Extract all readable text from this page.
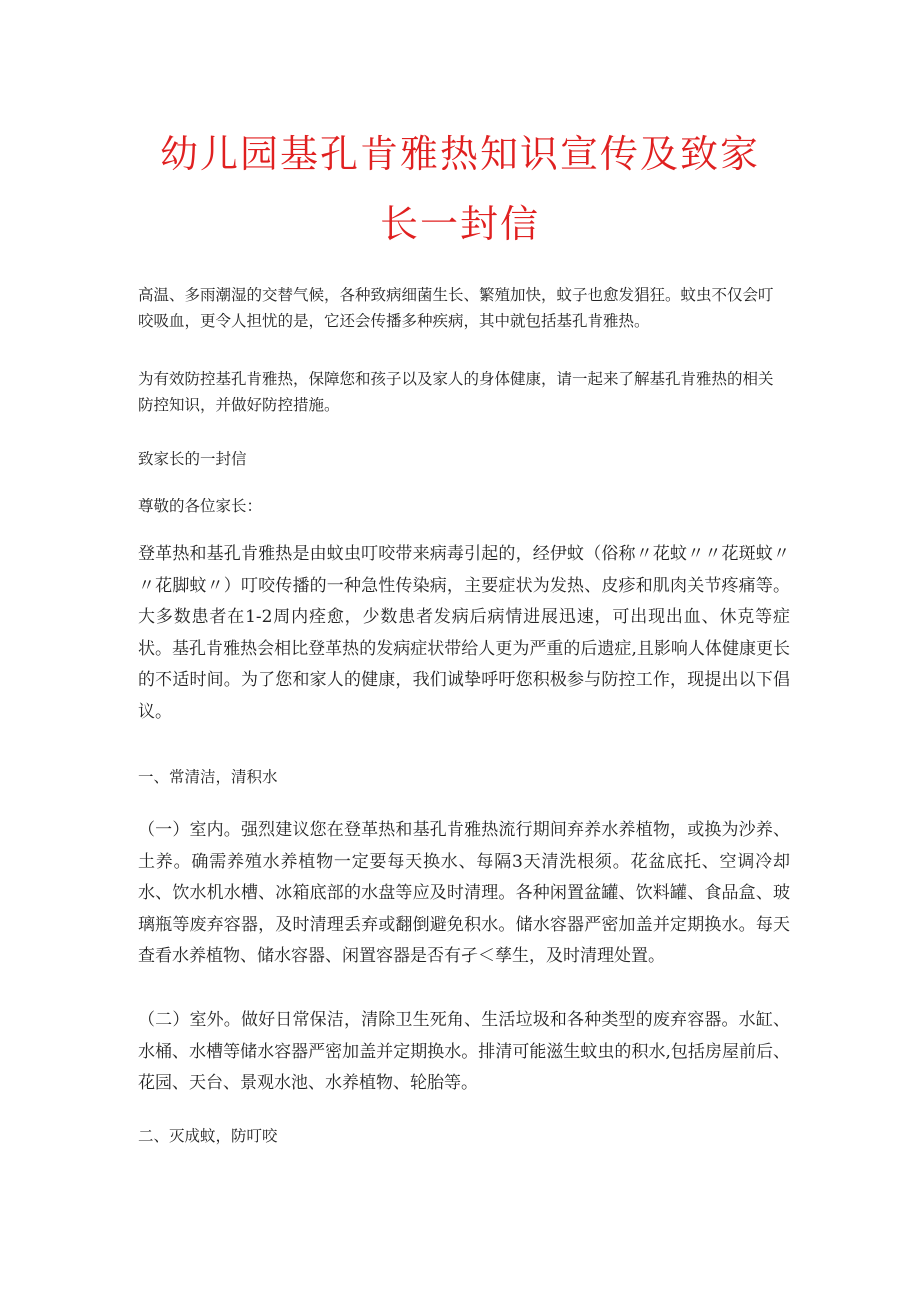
幼儿园基孔肯雅热知识宣传及致家
长一封信

高温、多雨潮湿的交替气候，各种致病细菌生长、繁殖加快，蚊子也愈发猖狂。蚊虫不仅会叮咬吸血，更令人担忧的是，它还会传播多种疾病，其中就包括基孔肯雅热。

为有效防控基孔肯雅热，保障您和孩子以及家人的身体健康，请一起来了解基孔肯雅热的相关防控知识，并做好防控措施。

致家长的一封信

尊敬的各位家长：

登革热和基孔肯雅热是由蚊虫叮咬带来病毒引起的，经伊蚊（俗称〃花蚊〃〃花斑蚊〃〃花脚蚊〃）叮咬传播的一种急性传染病，主要症状为发热、皮疹和肌肉关节疼痛等。大多数患者在1-2周内痊愈，少数患者发病后病情进展迅速，可出现出血、休克等症状。基孔肯雅热会相比登革热的发病症状带给人更为严重的后遗症,且影响人体健康更长的不适时间。为了您和家人的健康，我们诚挚呼吁您积极参与防控工作，现提出以下倡议。

一、常清洁，清积水

（一）室内。强烈建议您在登革热和基孔肯雅热流行期间弃养水养植物，或换为沙养、土养。确需养殖水养植物一定要每天换水、每隔3天清洗根须。花盆底托、空调冷却水、饮水机水槽、冰箱底部的水盘等应及时清理。各种闲置盆罐、饮料罐、食品盒、玻璃瓶等废弃容器，及时清理丢弃或翻倒避免积水。储水容器严密加盖并定期换水。每天查看水养植物、储水容器、闲置容器是否有孑＜孳生，及时清理处置。

（二）室外。做好日常保洁，清除卫生死角、生活垃圾和各种类型的废弃容器。水缸、水桶、水槽等储水容器严密加盖并定期换水。排清可能滋生蚊虫的积水,包括房屋前后、花园、天台、景观水池、水养植物、轮胎等。

二、灭成蚊，防叮咬
